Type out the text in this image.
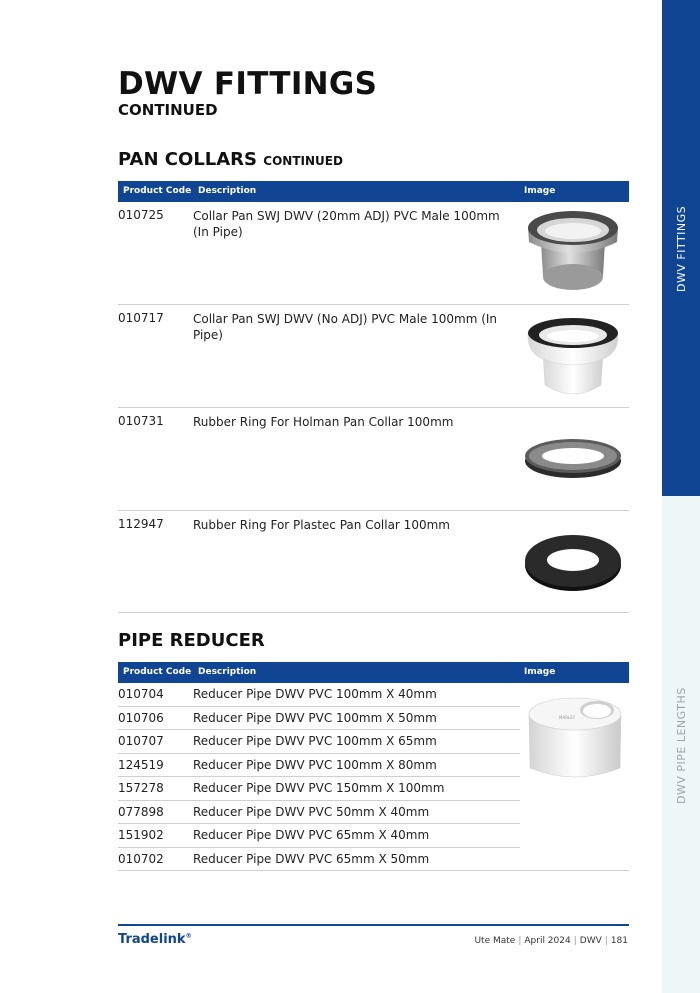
DWV FITTINGS
DWV PIPE LENGTHS
DWV FITTINGS
CONTINUED
PAN COLLARS CONTINUED
Product Code Description	Image
010725 Collar Pan SWJ DWV (20mm ADJ) PVC Male 100mm (In Pipe)
010717 Collar Pan SWJ DWV (No ADJ) PVC Male 100mm (In Pipe)
010731 Rubber Ring For Holman Pan Collar 100mm
112947 Rubber Ring For Plastec Pan Collar 100mm
PIPE REDUCER
Product Code Description	Image
010704 Reducer Pipe DWV PVC 100mm X 40mm
010706 Reducer Pipe DWV PVC 100mm X 50mm
010707 Reducer Pipe DWV PVC 100mm X 65mm
124519 Reducer Pipe DWV PVC 100mm X 80mm
157278 Reducer Pipe DWV PVC 150mm X 100mm
077898 Reducer Pipe DWV PVC 50mm X 40mm
151902 Reducer Pipe DWV PVC 65mm X 40mm
010702 Reducer Pipe DWV PVC 65mm X 50mm
MARLEY
Tradelink®	Ute Mate | April 2024 | DWV | 181
